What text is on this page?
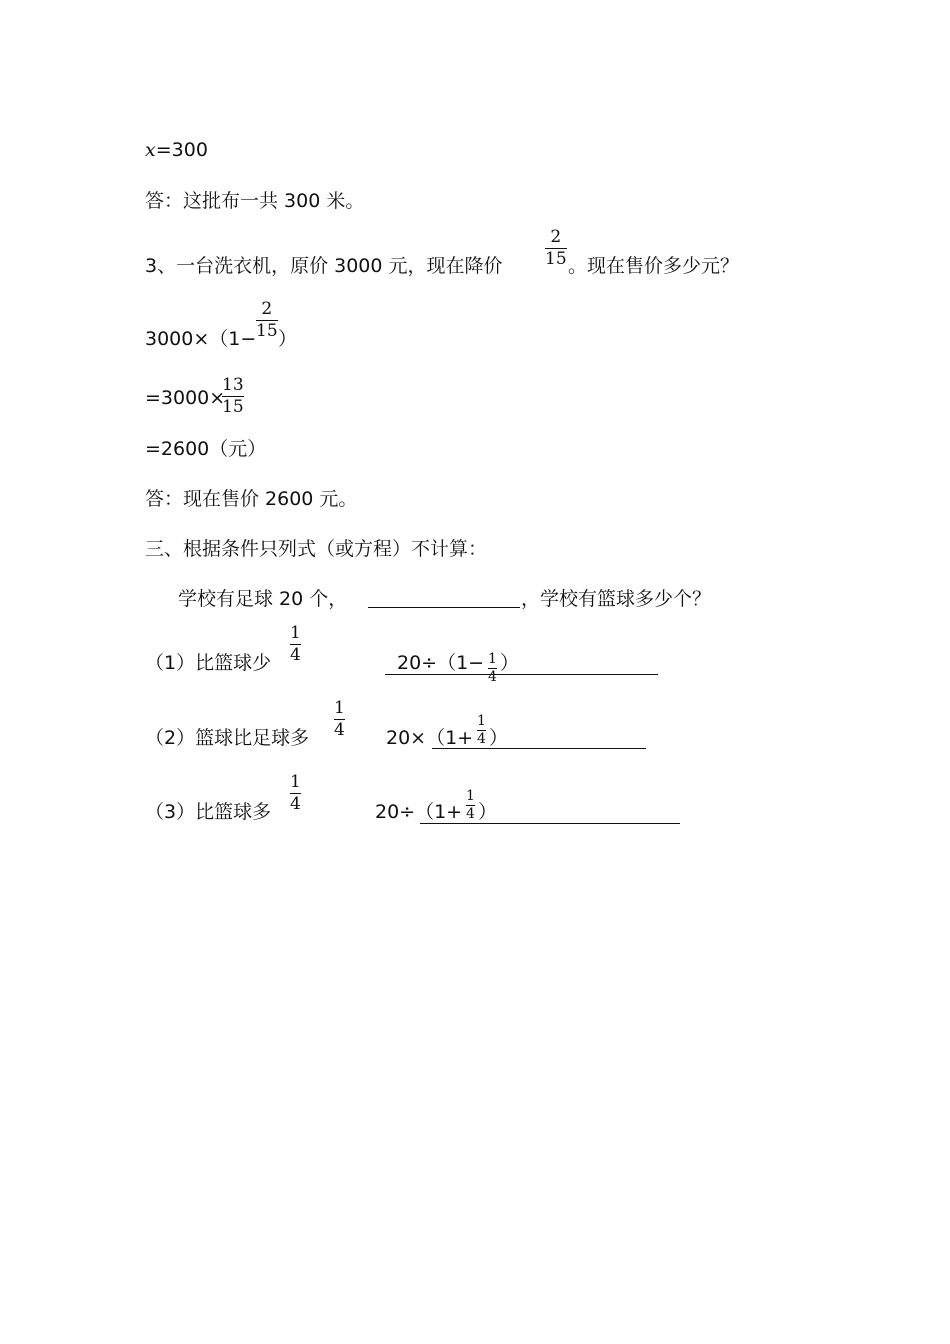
x=300
答：这批布一共 300 米。
3、一台洗衣机，原价 3000 元，现在降价
2
15 。现在售价多少元？
3000×（1−
2
15 ）
=3000×
13
15
=2600（元）
答：现在售价 2600 元。
三、根据条件只列式（或方程）不计算：
学校有足球 20 个，	，学校有篮球多少个？
（1）比篮球少
1
4	20÷（1− 1
4
）
（2）篮球比足球多
1
4 20×（1+
1
4 ）
（3）比篮球多
1
4	20÷（1+
1
4 ）
